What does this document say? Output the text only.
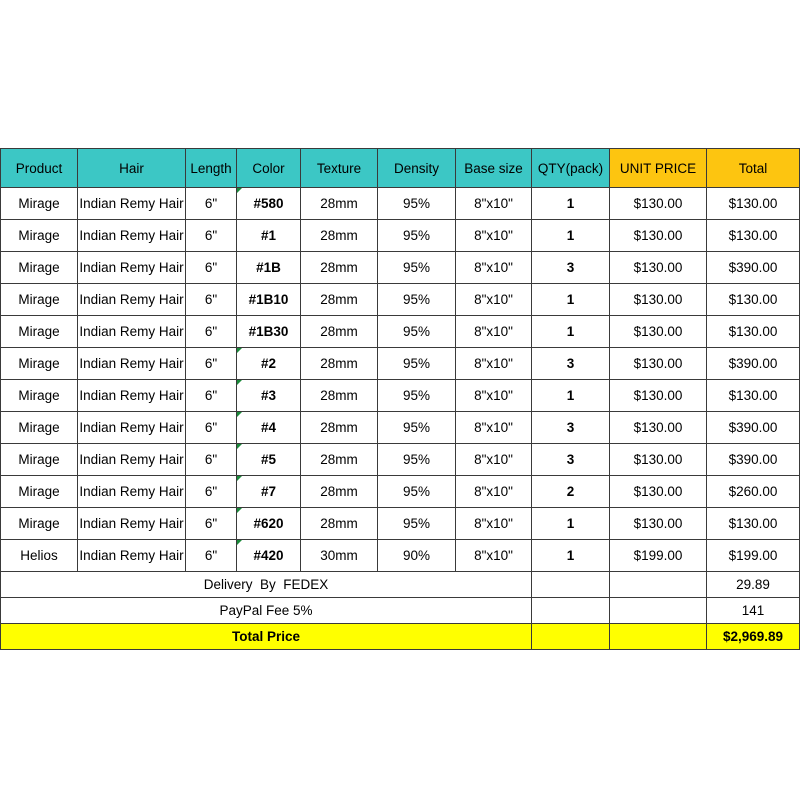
Product	Hair	Length	Color	Texture	Density	Base size	QTY(pack)	UNIT PRICE	Total
Mirage	Indian Remy Hair	6"	#580	28mm	95%	8"x10"	1	$130.00	$130.00
Mirage	Indian Remy Hair	6"	#1	28mm	95%	8"x10"	1	$130.00	$130.00
Mirage	Indian Remy Hair	6"	#1B	28mm	95%	8"x10"	3	$130.00	$390.00
Mirage	Indian Remy Hair	6"	#1B10	28mm	95%	8"x10"	1	$130.00	$130.00
Mirage	Indian Remy Hair	6"	#1B30	28mm	95%	8"x10"	1	$130.00	$130.00
Mirage	Indian Remy Hair	6"	#2	28mm	95%	8"x10"	3	$130.00	$390.00
Mirage	Indian Remy Hair	6"	#3	28mm	95%	8"x10"	1	$130.00	$130.00
Mirage	Indian Remy Hair	6"	#4	28mm	95%	8"x10"	3	$130.00	$390.00
Mirage	Indian Remy Hair	6"	#5	28mm	95%	8"x10"	3	$130.00	$390.00
Mirage	Indian Remy Hair	6"	#7	28mm	95%	8"x10"	2	$130.00	$260.00
Mirage	Indian Remy Hair	6"	#620	28mm	95%	8"x10"	1	$130.00	$130.00
Helios	Indian Remy Hair	6"	#420	30mm	90%	8"x10"	1	$199.00	$199.00
Delivery  By  FEDEX									29.89
PayPal Fee 5%									141
Total Price									$2,969.89
